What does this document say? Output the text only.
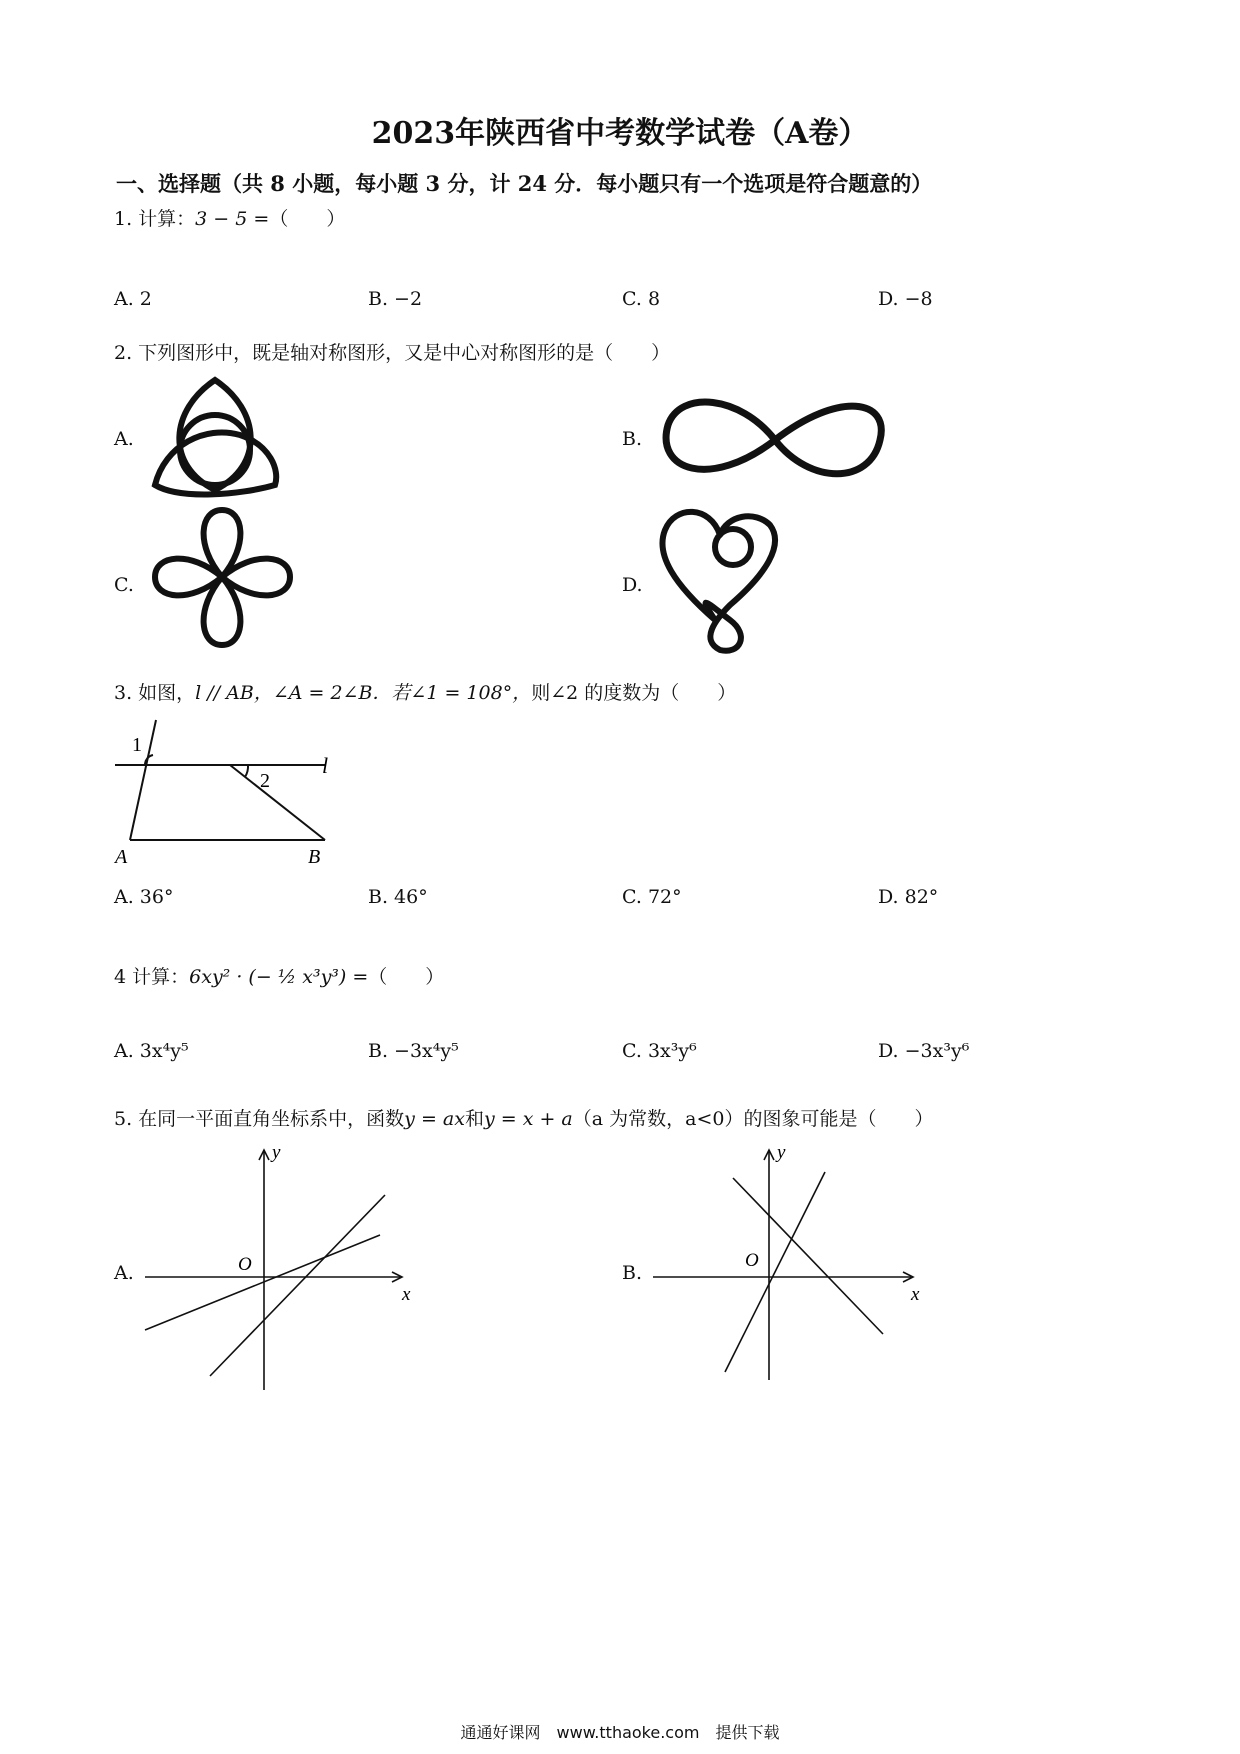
2023年陕西省中考数学试卷（A卷）
一、选择题（共 8 小题，每小题 3 分，计 24 分．每小题只有一个选项是符合题意的）
1. 计算：3 − 5 =（　　）
A. 2	B. −2	C. 8	D. −8
2. 下列图形中，既是轴对称图形，又是中心对称图形的是（　　）
A.	B.
C.	D.
3. 如图，l // AB，∠A = 2∠B．若∠1 = 108°，则∠2 的度数为（　　）
1
2
l
A	B
A. 36°	B. 46°	C. 72°	D. 82°
4 计算：6xy² · (− ½ x³y³) =（　　）
A. 3x⁴y⁵	B. −3x⁴y⁵	C. 3x³y⁶	D. −3x³y⁶
5. 在同一平面直角坐标系中，函数y = ax和y = x + a（a 为常数，a<0）的图象可能是（　　）
A.	B.
x
y
O
x
y
O
通通好课网　www.tthaoke.com　提供下载
